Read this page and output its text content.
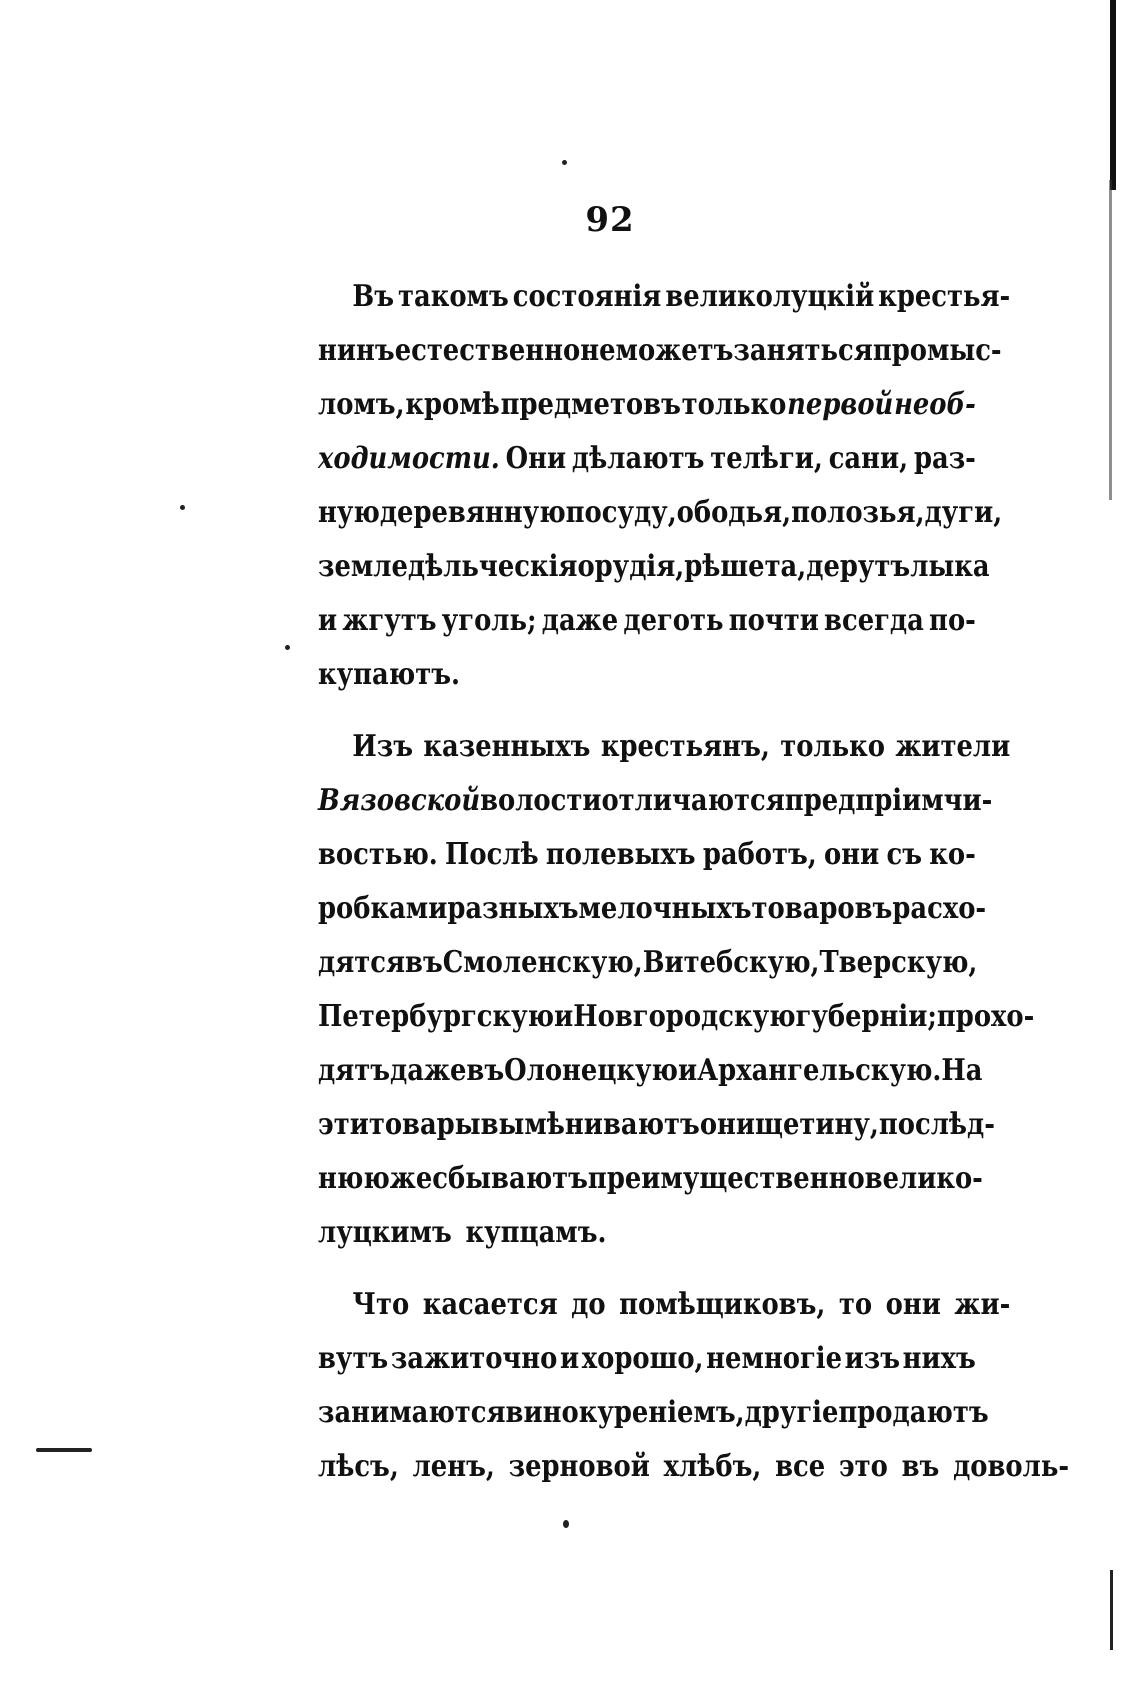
92
Въ такомъ состоянія великолуцкій крестья-
нинъ естественно не можетъ заняться промыс-
ломъ, кромѣ предметовъ только первой необ-
ходимости. Они дѣлаютъ телѣги, сани, раз-
ную деревянную посуду, ободья, полозья, дуги,
земледѣльческія орудія, рѣшета, дерутъ лыка
и жгутъ уголь; даже деготь почти всегда по-
купаютъ.
Изъ казенныхъ крестьянъ, только жители
Вязовской волости отличаются предпріимчи-
востью. Послѣ полевыхъ работъ, они съ ко-
робками разныхъ мелочныхъ товаровъ расхо-
дятся въ Смоленскую, Витебскую, Тверскую,
Петербургскую и Новгородскую губерніи; прохо-
дятъ даже въ Олонецкую и Архангельскую. На
эти товары вымѣниваютъ они щетину, послѣд-
нюю же сбываютъ преимущественно велико-
луцкимъ купцамъ.
Что касается до помѣщиковъ, то они жи-
вутъ зажиточно и хорошо, немногіе изъ нихъ
занимаются винокуреніемъ, другіе продаютъ
лѣсъ, ленъ, зерновой хлѣбъ, все это въ доволь-
